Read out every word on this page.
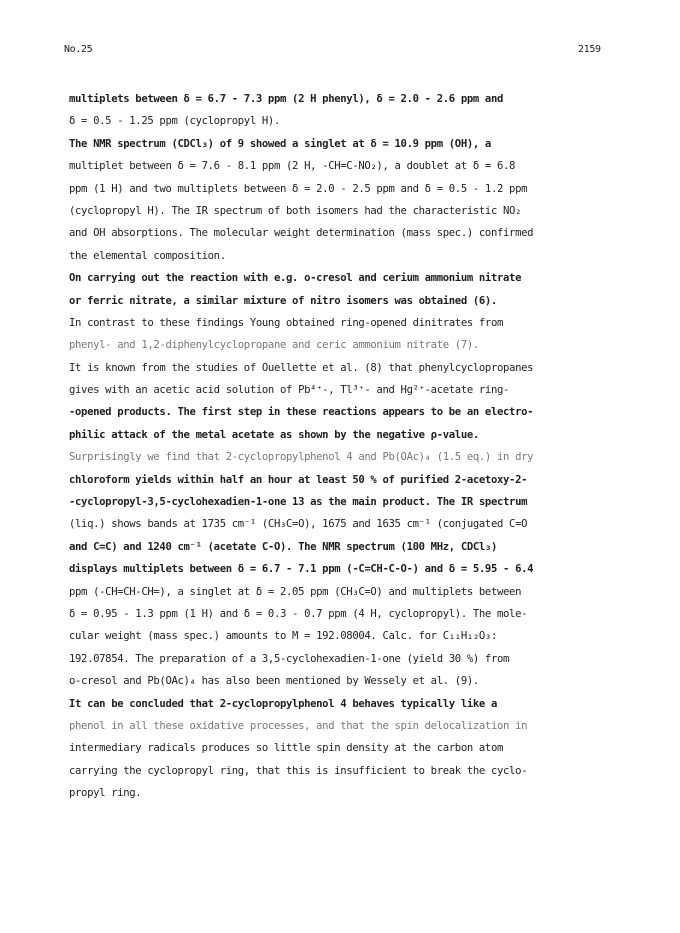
No.25	2159
multiplets between δ = 6.7 - 7.3 ppm (2 H phenyl), δ = 2.0 - 2.6 ppm and
δ = 0.5 - 1.25 ppm (cyclopropyl H).
The NMR spectrum (CDCl₃) of 9 showed a singlet at δ = 10.9 ppm (OH), a
multiplet between δ = 7.6 - 8.1 ppm (2 H, -CH=C-NO₂), a doublet at δ = 6.8
ppm (1 H) and two multiplets between δ = 2.0 - 2.5 ppm and δ = 0.5 - 1.2 ppm
(cyclopropyl H). The IR spectrum of both isomers had the characteristic NO₂
and OH absorptions. The molecular weight determination (mass spec.) confirmed
the elemental composition.
On carrying out the reaction with e.g. o-cresol and cerium ammonium nitrate
or ferric nitrate, a similar mixture of nitro isomers was obtained (6).
In contrast to these findings Young obtained ring-opened dinitrates from
phenyl- and 1,2-diphenylcyclopropane and ceric ammonium nitrate (7).
It is known from the studies of Ouellette et al. (8) that phenylcyclopropanes
gives with an acetic acid solution of Pb⁴⁺-, Tl³⁺- and Hg²⁺-acetate ring-
-opened products. The first step in these reactions appears to be an electro-
philic attack of the metal acetate as shown by the negative ρ-value.
Surprisingly we find that 2-cyclopropylphenol 4 and Pb(OAc)₄ (1.5 eq.) in dry
chloroform yields within half an hour at least 50 % of purified 2-acetoxy-2-
-cyclopropyl-3,5-cyclohexadien-1-one 13 as the main product. The IR spectrum
(liq.) shows bands at 1735 cm⁻¹ (CH₃C=O), 1675 and 1635 cm⁻¹ (conjugated C=O
and C=C) and 1240 cm⁻¹ (acetate C-O). The NMR spectrum (100 MHz, CDCl₃)
displays multiplets between δ = 6.7 - 7.1 ppm (-C=CH-C-O-) and δ = 5.95 - 6.4
ppm (-CH=CH-CH=), a singlet at δ = 2.05 ppm (CH₃C=O) and multiplets between
δ = 0.95 - 1.3 ppm (1 H) and δ = 0.3 - 0.7 ppm (4 H, cyclopropyl). The mole-
cular weight (mass spec.) amounts to M = 192.08004. Calc. for C₁₁H₁₂O₃:
192.07854. The preparation of a 3,5-cyclohexadien-1-one (yield 30 %) from
o-cresol and Pb(OAc)₄ has also been mentioned by Wessely et al. (9).
It can be concluded that 2-cyclopropylphenol 4 behaves typically like a
phenol in all these oxidative processes, and that the spin delocalization in
intermediary radicals produces so little spin density at the carbon atom
carrying the cyclopropyl ring, that this is insufficient to break the cyclo-
propyl ring.
